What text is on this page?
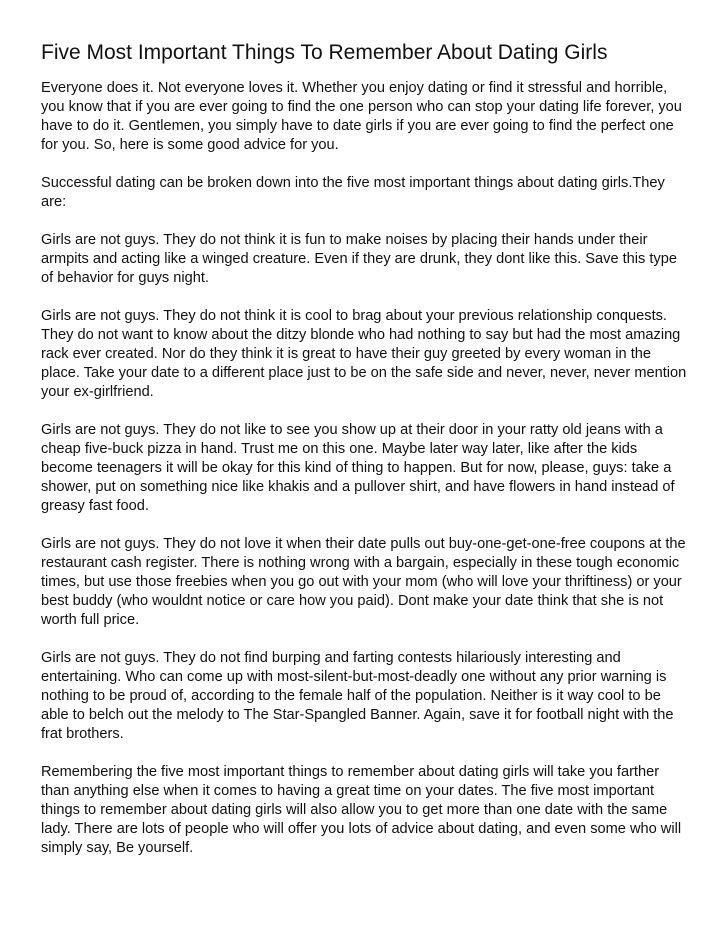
Five Most Important Things To Remember About Dating Girls

Everyone does it. Not everyone loves it. Whether you enjoy dating or find it stressful and horrible, you know that if you are ever going to find the one person who can stop your dating life forever, you have to do it. Gentlemen, you simply have to date girls if you are ever going to find the perfect one for you. So, here is some good advice for you.

Successful dating can be broken down into the five most important things about dating girls.They are:

Girls are not guys. They do not think it is fun to make noises by placing their hands under their armpits and acting like a winged creature. Even if they are drunk, they dont like this. Save this type of behavior for guys night.

Girls are not guys. They do not think it is cool to brag about your previous relationship conquests. They do not want to know about the ditzy blonde who had nothing to say but had the most amazing rack ever created. Nor do they think it is great to have their guy greeted by every woman in the place. Take your date to a different place just to be on the safe side and never, never, never mention your ex-girlfriend.

Girls are not guys. They do not like to see you show up at their door in your ratty old jeans with a cheap five-buck pizza in hand. Trust me on this one. Maybe later way later, like after the kids become teenagers it will be okay for this kind of thing to happen. But for now, please, guys: take a shower, put on something nice like khakis and a pullover shirt, and have flowers in hand instead of greasy fast food.

Girls are not guys. They do not love it when their date pulls out buy-one-get-one-free coupons at the restaurant cash register. There is nothing wrong with a bargain, especially in these tough economic times, but use those freebies when you go out with your mom (who will love your thriftiness) or your best buddy (who wouldnt notice or care how you paid). Dont make your date think that she is not worth full price.

Girls are not guys. They do not find burping and farting contests hilariously interesting and entertaining. Who can come up with most-silent-but-most-deadly one without any prior warning is nothing to be proud of, according to the female half of the population. Neither is it way cool to be able to belch out the melody to The Star-Spangled Banner. Again, save it for football night with the frat brothers.

Remembering the five most important things to remember about dating girls will take you farther than anything else when it comes to having a great time on your dates. The five most important things to remember about dating girls will also allow you to get more than one date with the same lady. There are lots of people who will offer you lots of advice about dating, and even some who will simply say, Be yourself.
